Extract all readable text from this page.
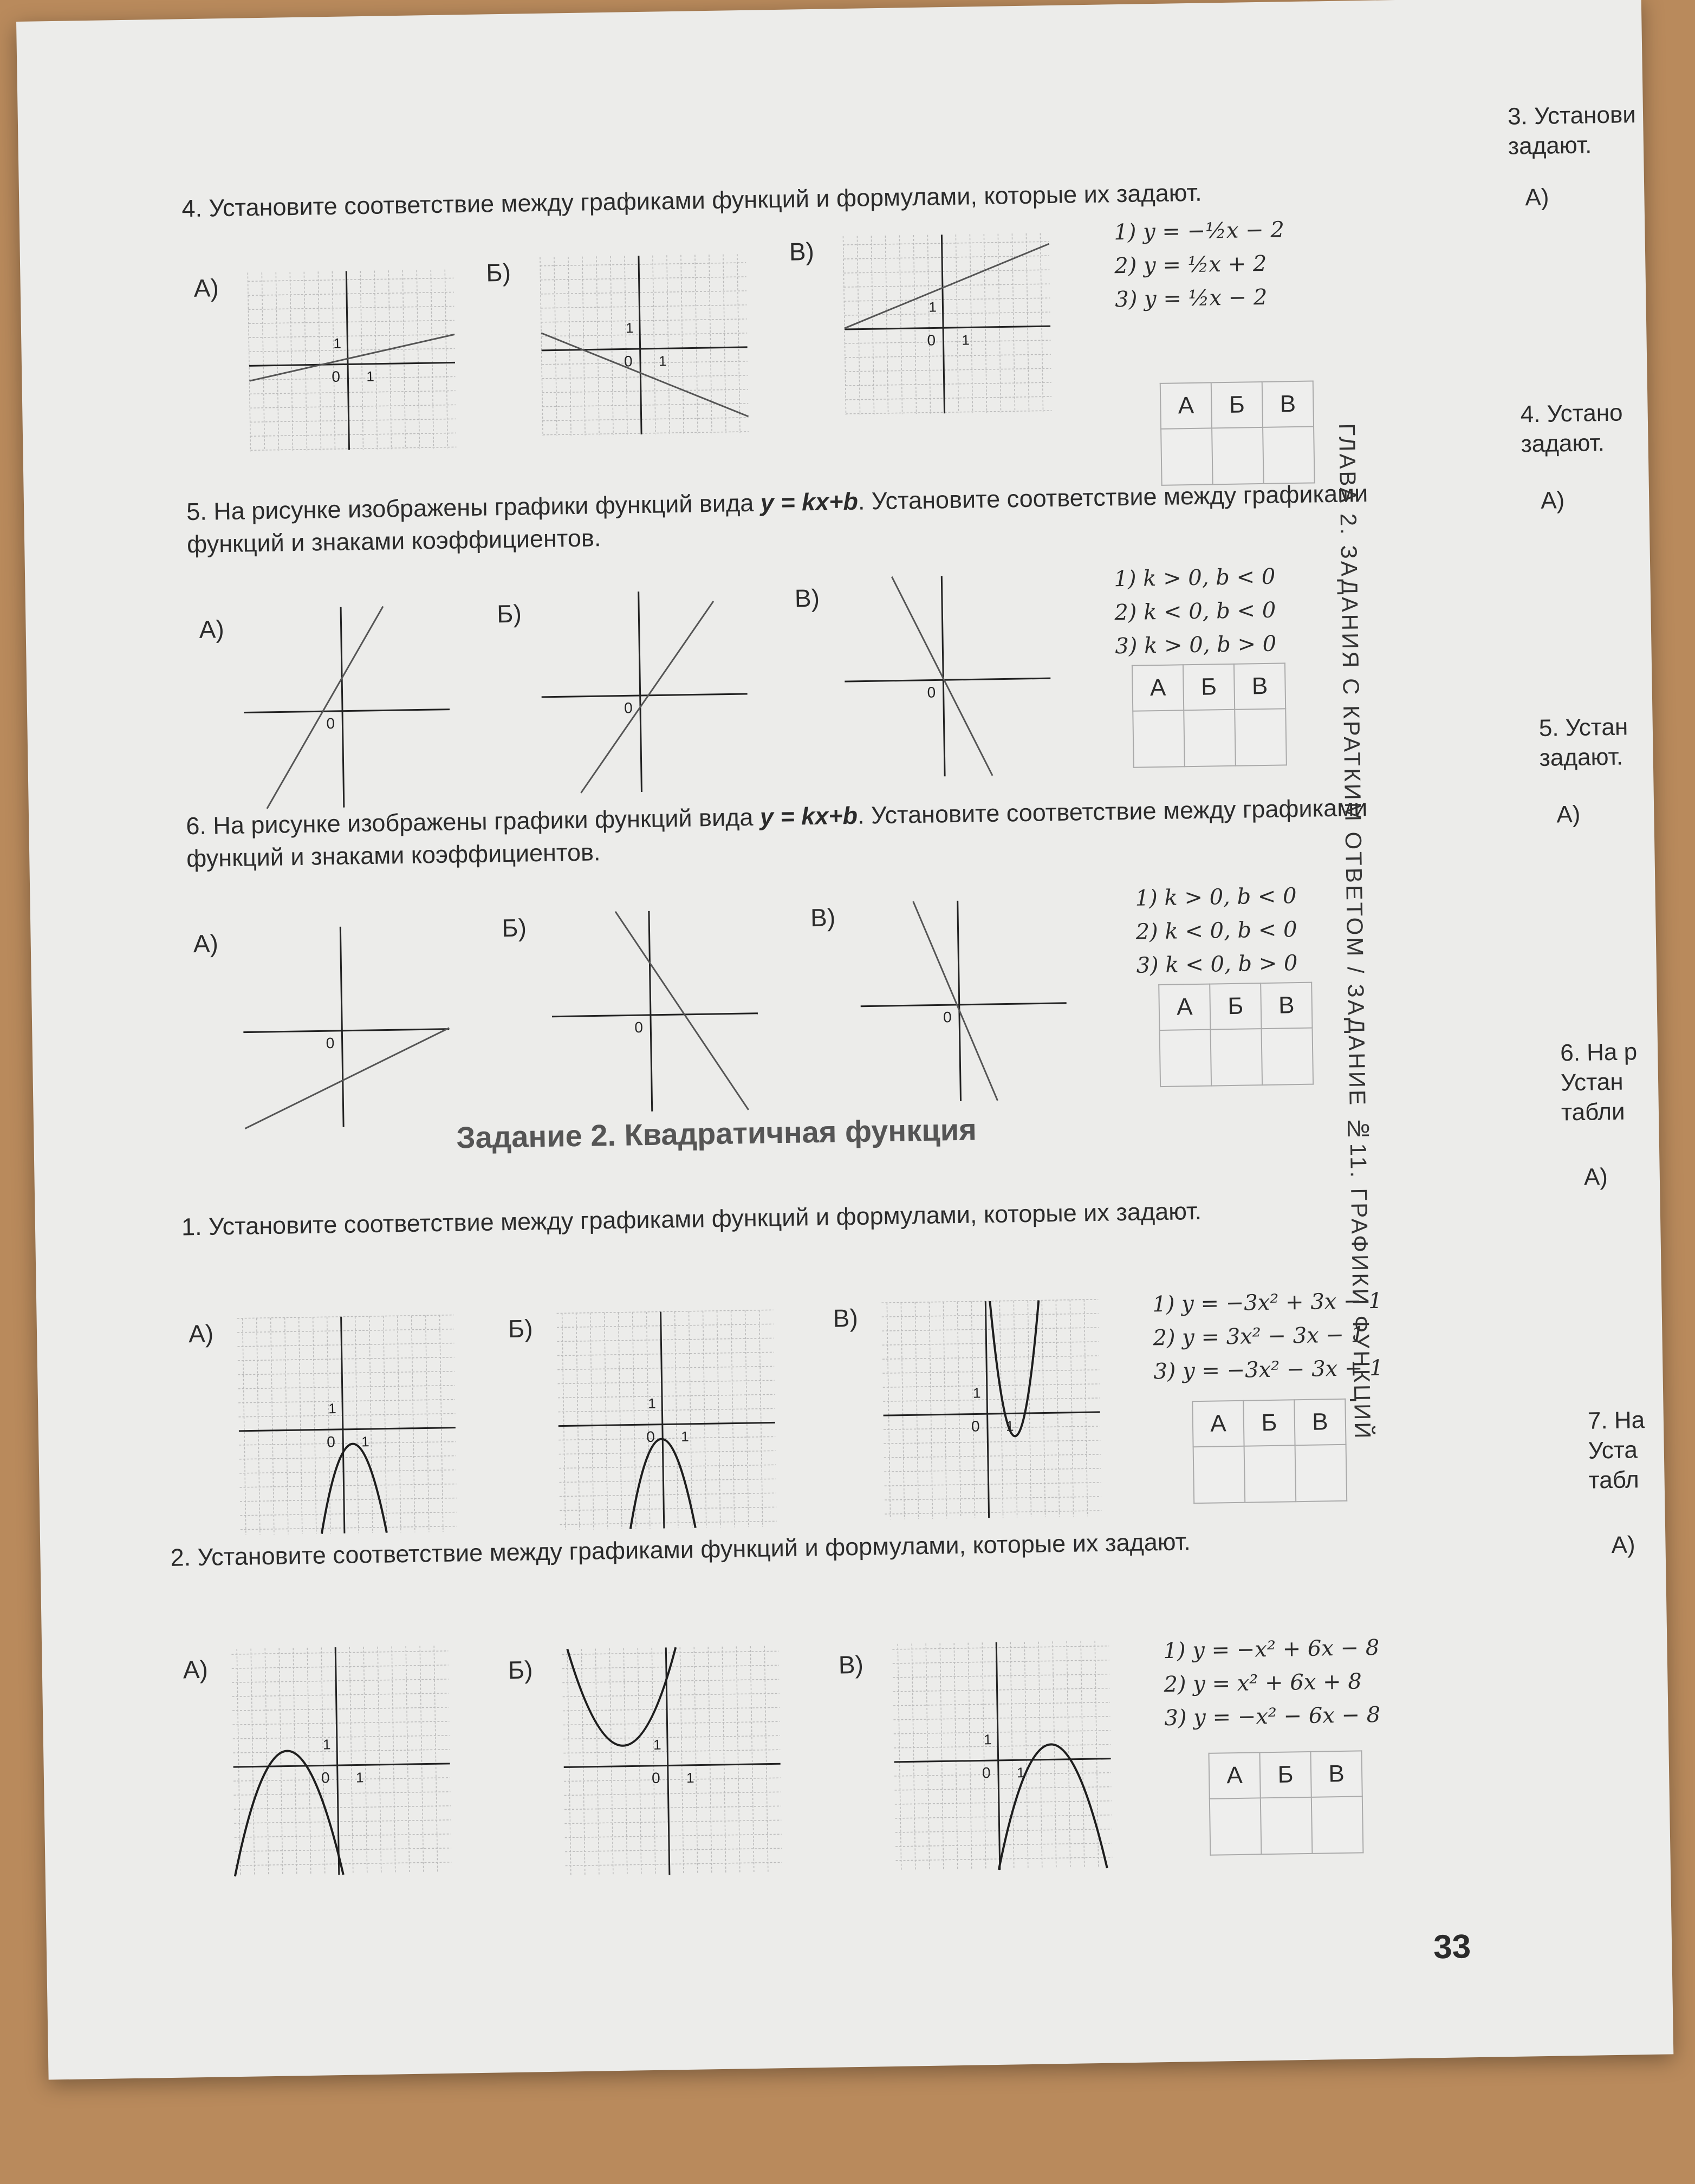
4. Установите соответствие между графиками функций и формулами, которые их задают.
А)
Б)
В)
0 1
1
0 1
1
0 1
1
1) y = −½x − 2
2) y = ½x + 2
3) y = ½x − 2
А	Б	В

5. На рисунке изображены графики функций вида y = kx+b. Установите соответствие между графиками функций и знаками коэффициентов.
А)
Б)
В)
0
0
0
1) k > 0, b < 0
2) k < 0, b < 0
3) k > 0, b > 0
А	Б	В

6. На рисунке изображены графики функций вида y = kx+b. Установите соответствие между графиками функций и знаками коэффициентов.
А)
Б)	В)
0
0
0
1) k > 0, b < 0
2) k < 0, b < 0
3) k < 0, b > 0
А	Б	В

Задание 2. Квадратичная функция
1. Установите соответствие между графиками функций и формулами, которые их задают.
А)	Б)	В)
0 1
1
0 1
1
0 1
1
1) y = −3x² + 3x − 1
2) y = 3x² − 3x − 1
3) y = −3x² − 3x + 1
А	Б	В

2. Установите соответствие между графиками функций и формулами, которые их задают.
А)	Б)	В)
0 1
1
0 1
1
0 1
1
1) y = −x² + 6x − 8
2) y = x² + 6x + 8
3) y = −x² − 6x − 8
А	Б	В

ГЛАВА 2. ЗАДАНИЯ С КРАТКИМ ОТВЕТОМ / ЗАДАНИЕ №11. ГРАФИКИ ФУНКЦИЙ
33
3. Установи
задают.
А)
4. Устано
задают.
А)
5. Устан
задают.
А)
6. На р
Устан
табли
А)
7. На
Уста
табл
А)
